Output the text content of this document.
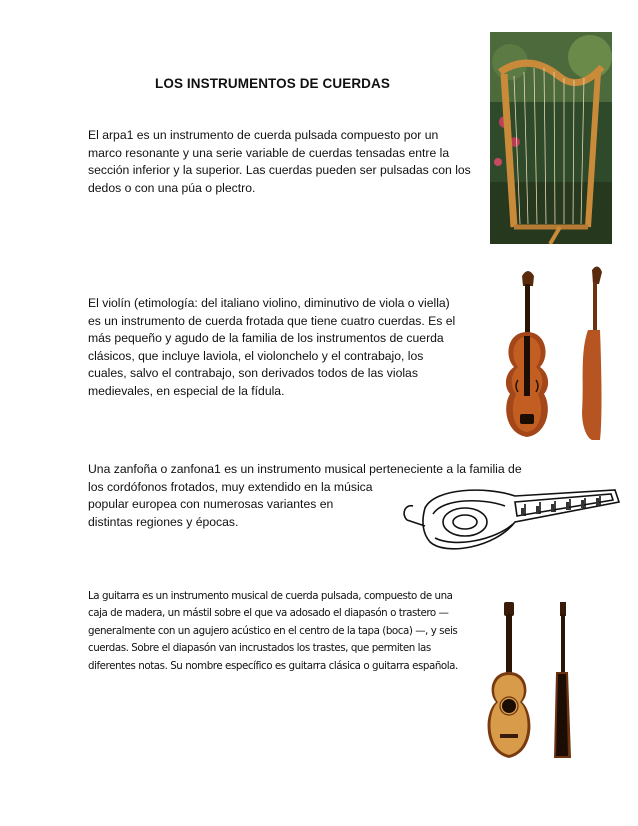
LOS INSTRUMENTOS DE CUERDAS
El arpa1 es un instrumento de cuerda pulsada compuesto por un
marco resonante y una serie variable de cuerdas tensadas entre la
sección inferior y la superior. Las cuerdas pueden ser pulsadas con los
dedos o con una púa o plectro.
El violín (etimología: del italiano violino, diminutivo de viola o viella)
es un instrumento de cuerda frotada que tiene cuatro cuerdas. Es el
más pequeño y agudo de la familia de los instrumentos de cuerda
clásicos, que incluye laviola, el violonchelo y el contrabajo, los
cuales, salvo el contrabajo, son derivados todos de las violas
medievales, en especial de la fídula.
Una zanfoña o zanfona1 es un instrumento musical perteneciente a la familia de
los cordófonos frotados, muy extendido en la música
popular europea con numerosas variantes en
distintas regiones y épocas.
La guitarra es un instrumento musical de cuerda pulsada, compuesto de una
caja de madera, un mástil sobre el que va adosado el diapasón o trastero —
generalmente con un agujero acústico en el centro de la tapa (boca) —, y seis
cuerdas. Sobre el diapasón van incrustados los trastes, que permiten las
diferentes notas. Su nombre específico es guitarra clásica o guitarra española.
